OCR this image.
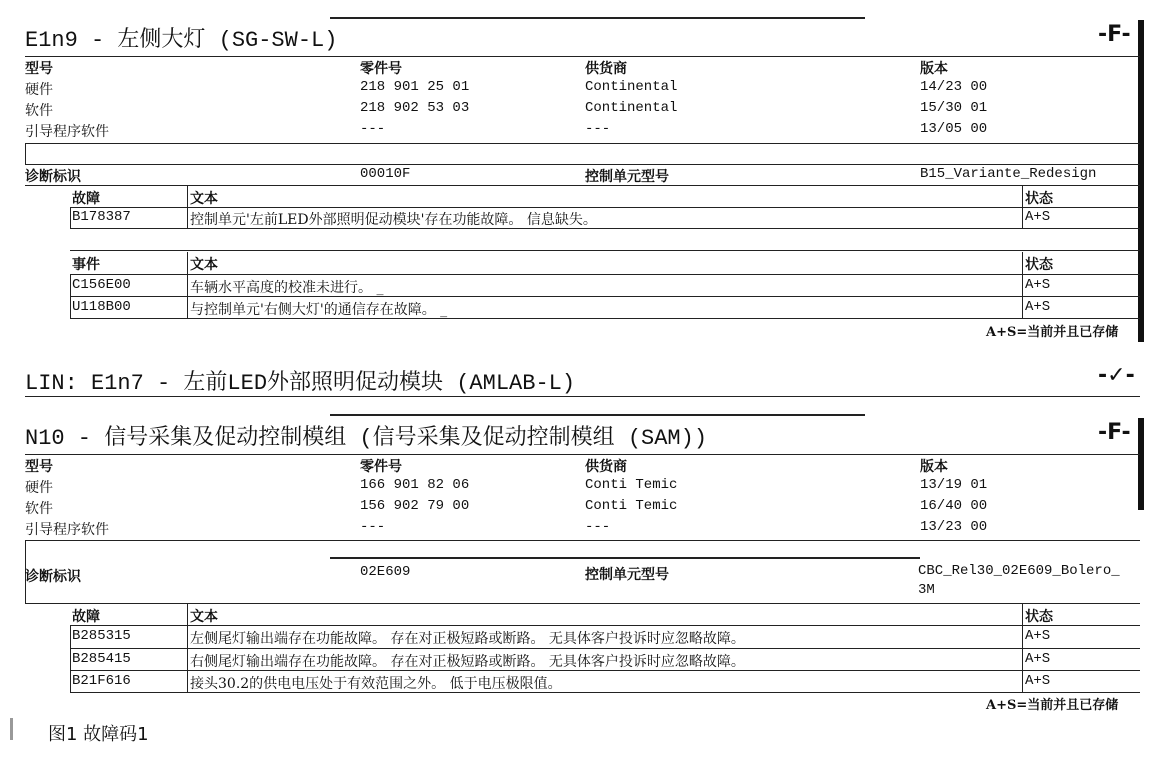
E1n9 - 左侧大灯 (SG-SW-L)	-F-
型号	零件号	供货商	版本
硬件	218 901 25 01	Continental	14/23 00
软件	218 902 53 03	Continental	15/30 01
引导程序软件	---	---	13/05 00
诊断标识	00010F	控制单元型号	B15_Variante_Redesign
故障	文本	状态
B178387	控制单元'左前LED外部照明促动模块'存在功能故障。 信息缺失。	A+S
事件	文本	状态
C156E00	车辆水平高度的校准未进行。 _	A+S
U118B00	与控制单元'右侧大灯'的通信存在故障。 _	A+S
A+S=当前并且已存储
LIN: E1n7 - 左前LED外部照明促动模块 (AMLAB-L)	-✓-
N10 - 信号采集及促动控制模组 (信号采集及促动控制模组 (SAM))	-F-
型号	零件号	供货商	版本
硬件	166 901 82 06	Conti Temic	13/19 01
软件	156 902 79 00	Conti Temic	16/40 00
引导程序软件	---	---	13/23 00
诊断标识	02E609	控制单元型号	CBC_Rel30_02E609_Bolero_
3M
故障	文本	状态
B285315	左侧尾灯输出端存在功能故障。 存在对正极短路或断路。 无具体客户投诉时应忽略故障。	A+S
B285415	右侧尾灯输出端存在功能故障。 存在对正极短路或断路。 无具体客户投诉时应忽略故障。	A+S
B21F616	接头30.2的供电电压处于有效范围之外。 低于电压极限值。	A+S
A+S=当前并且已存储
图1 故障码1
